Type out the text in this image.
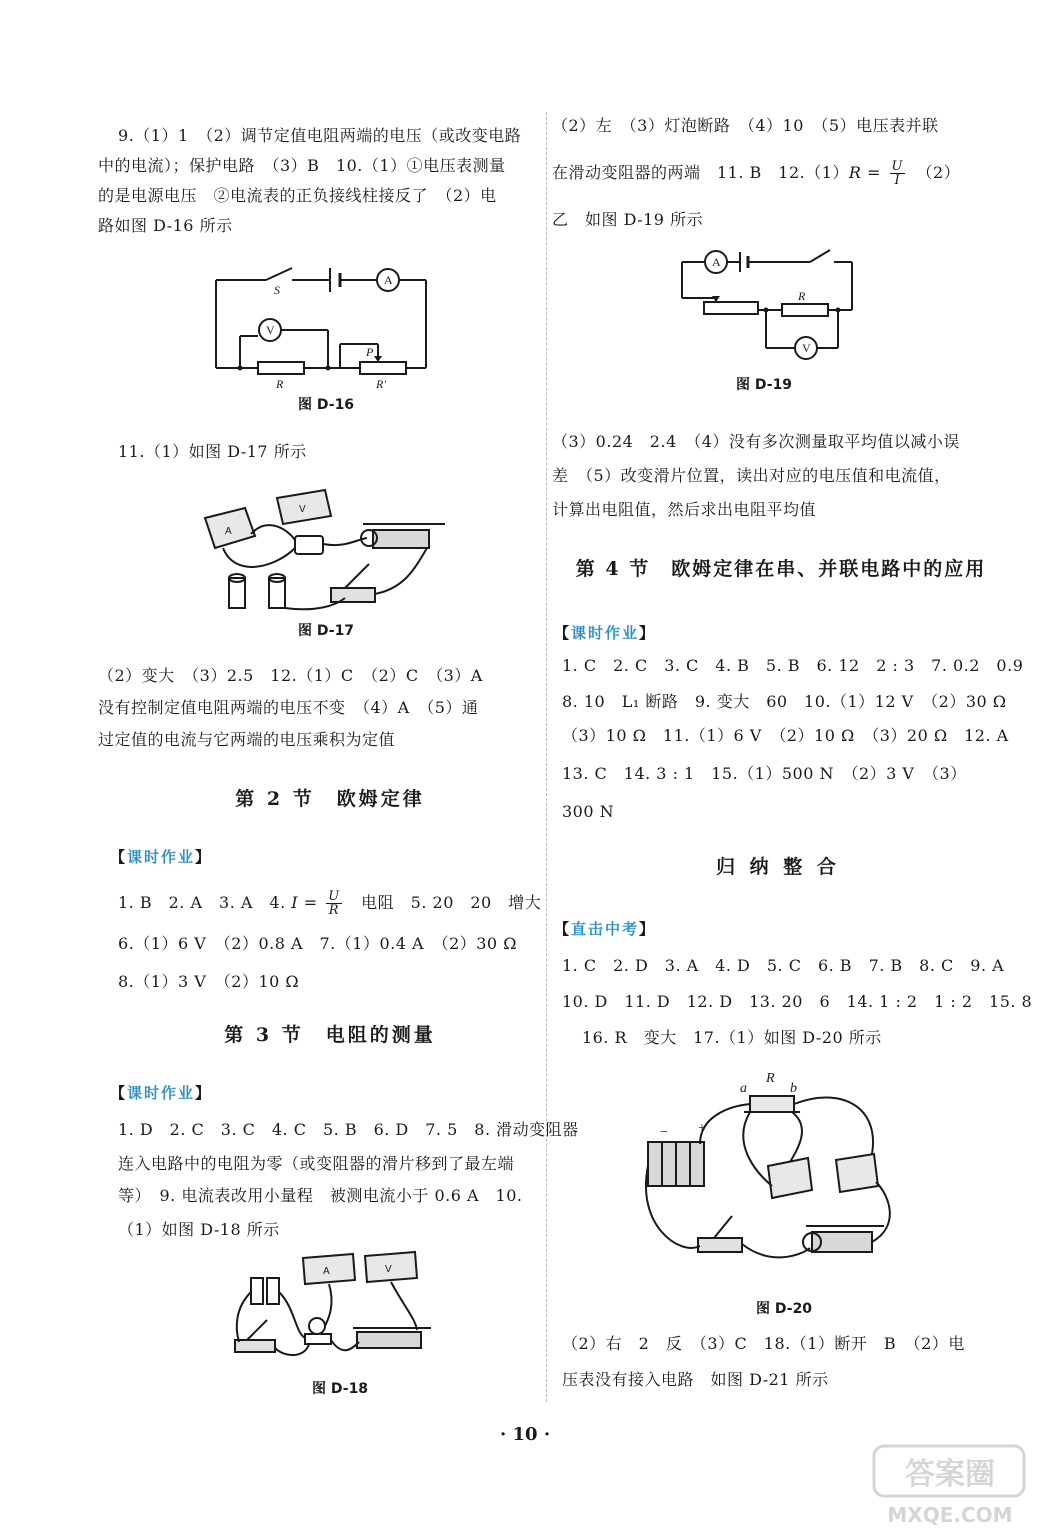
9.（1）1　（2）调节定值电阻两端的电压（或改变电路
中的电流）；保护电路　（3）B　10.（1）①电压表测量
的是电源电压　②电流表的正负接线柱接反了　（2）电
路如图 D-16 所示
S
A
V
P
R	R'
图 D-16
11.（1）如图 D-17 所示
A
V
图 D-17
（2）变大　（3）2.5　12.（1）C　（2）C　（3）A
没有控制定值电阻两端的电压不变　（4）A　（5）通
过定值的电流与它两端的电压乘积为定值
第 2 节　欧姆定律
【课时作业】
1. B　2. A　3. A　4. $I = \frac{U}{R}$ 　电阻　5. 20　20　增大
6.（1）6 V　（2）0.8 A　7.（1）0.4 A　（2）30 Ω
8.（1）3 V　（2）10 Ω
第 3 节　电阻的测量
【课时作业】
1. D　2. C　3. C　4. C　5. B　6. D　7. 5　8. 滑动变阻器
连入电路中的电阻为零（或变阻器的滑片移到了最左端
等）　9. 电流表改用小量程　被测电流小于 0.6 A　10.
（1）如图 D-18 所示
A	V
图 D-18
（2）左　（3）灯泡断路　（4）10　（5）电压表并联
在滑动变阻器的两端　11. B　$12.(1)R = \frac{U}{I}$ 　（2）
乙　如图 D-19 所示
A
V
R
图 D-19
（3）0.24　2.4　（4）没有多次测量取平均值以减小误
差　（5）改变滑片位置，读出对应的电压值和电流值，
计算出电阻值，然后求出电阻平均值
第 4 节　欧姆定律在串、并联电路中的应用
【课时作业】
1. C　2. C　3. C　4. B　5. B　6. 12　2 : 3　7. 0.2　0.9
8. 10　L₁ 断路　9. 变大　60　10.（1）12 V　（2）30 Ω
（3）10 Ω　11.（1）6 V　（2）10 Ω　（3）20 Ω　12. A
13. C　14. 3 : 1　15.（1）500 N　（2）3 V　（3）
300 N
归 纳 整 合
【直击中考】
1. C　2. D　3. A　4. D　5. C　6. B　7. B　8. C　9. A
10. D　11. D　12. D　13. 20　6　14. 1 : 2　1 : 2　15. 8
16. R　变大　17.（1）如图 D-20 所示
a
R
b
− +
图 D-20
（2）右　2　反　（3）C　18.（1）断开　B　（2）电
压表没有接入电路　如图 D-21 所示
· 10 ·
答案圈
MXQE.COM
